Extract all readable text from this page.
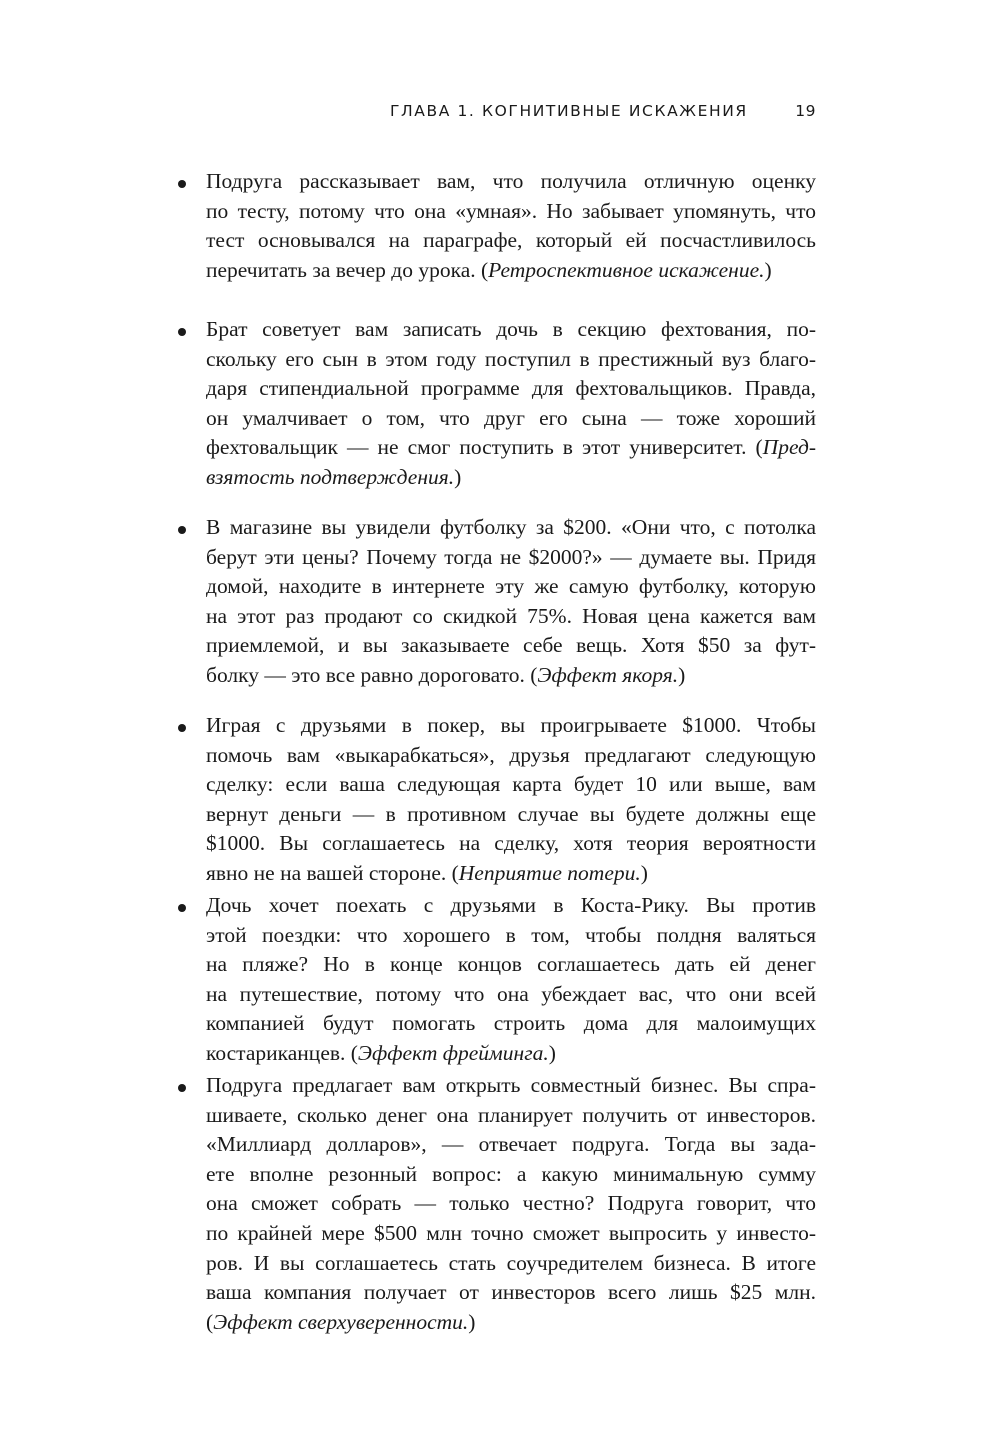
ГЛАВА 1. КОГНИТИВНЫЕ ИСКАЖЕНИЯ	19
Подруга рассказывает вам, что получила отличную оценку
по тесту, потому что она «умная». Но забывает упомянуть, что
тест основывался на параграфе, который ей посчастливилось
перечитать за вечер до урока. (Ретроспективное искажение.)
Брат советует вам записать дочь в секцию фехтования, по-
скольку его сын в этом году поступил в престижный вуз благо-
даря стипендиальной программе для фехтовальщиков. Правда,
он умалчивает о том, что друг его сына — тоже хороший
фехтовальщик — не смог поступить в этот университет. (Пред-
взятость подтверждения.)
В магазине вы увидели футболку за $200. «Они что, с потолка
берут эти цены? Почему тогда не $2000?» — думаете вы. Придя
домой, находите в интернете эту же самую футболку, которую
на этот раз продают со скидкой 75%. Новая цена кажется вам
приемлемой, и вы заказываете себе вещь. Хотя $50 за фут-
болку — это все равно дороговато. (Эффект якоря.)
Играя с друзьями в покер, вы проигрываете $1000. Чтобы
помочь вам «выкарабкаться», друзья предлагают следующую
сделку: если ваша следующая карта будет 10 или выше, вам
вернут деньги — в противном случае вы будете должны еще
$1000. Вы соглашаетесь на сделку, хотя теория вероятности
явно не на вашей стороне. (Неприятие потери.)
Дочь хочет поехать с друзьями в Коста-Рику. Вы против
этой поездки: что хорошего в том, чтобы полдня валяться
на пляже? Но в конце концов соглашаетесь дать ей денег
на путешествие, потому что она убеждает вас, что они всей
компанией будут помогать строить дома для малоимущих
костариканцев. (Эффект фрейминга.)
Подруга предлагает вам открыть совместный бизнес. Вы спра-
шиваете, сколько денег она планирует получить от инвесторов.
«Миллиард долларов», — отвечает подруга. Тогда вы зада-
ете вполне резонный вопрос: а какую минимальную сумму
она сможет собрать — только честно? Подруга говорит, что
по крайней мере $500 млн точно сможет выпросить у инвесто-
ров. И вы соглашаетесь стать соучредителем бизнеса. В итоге
ваша компания получает от инвесторов всего лишь $25 млн.
(Эффект сверхуверенности.)
